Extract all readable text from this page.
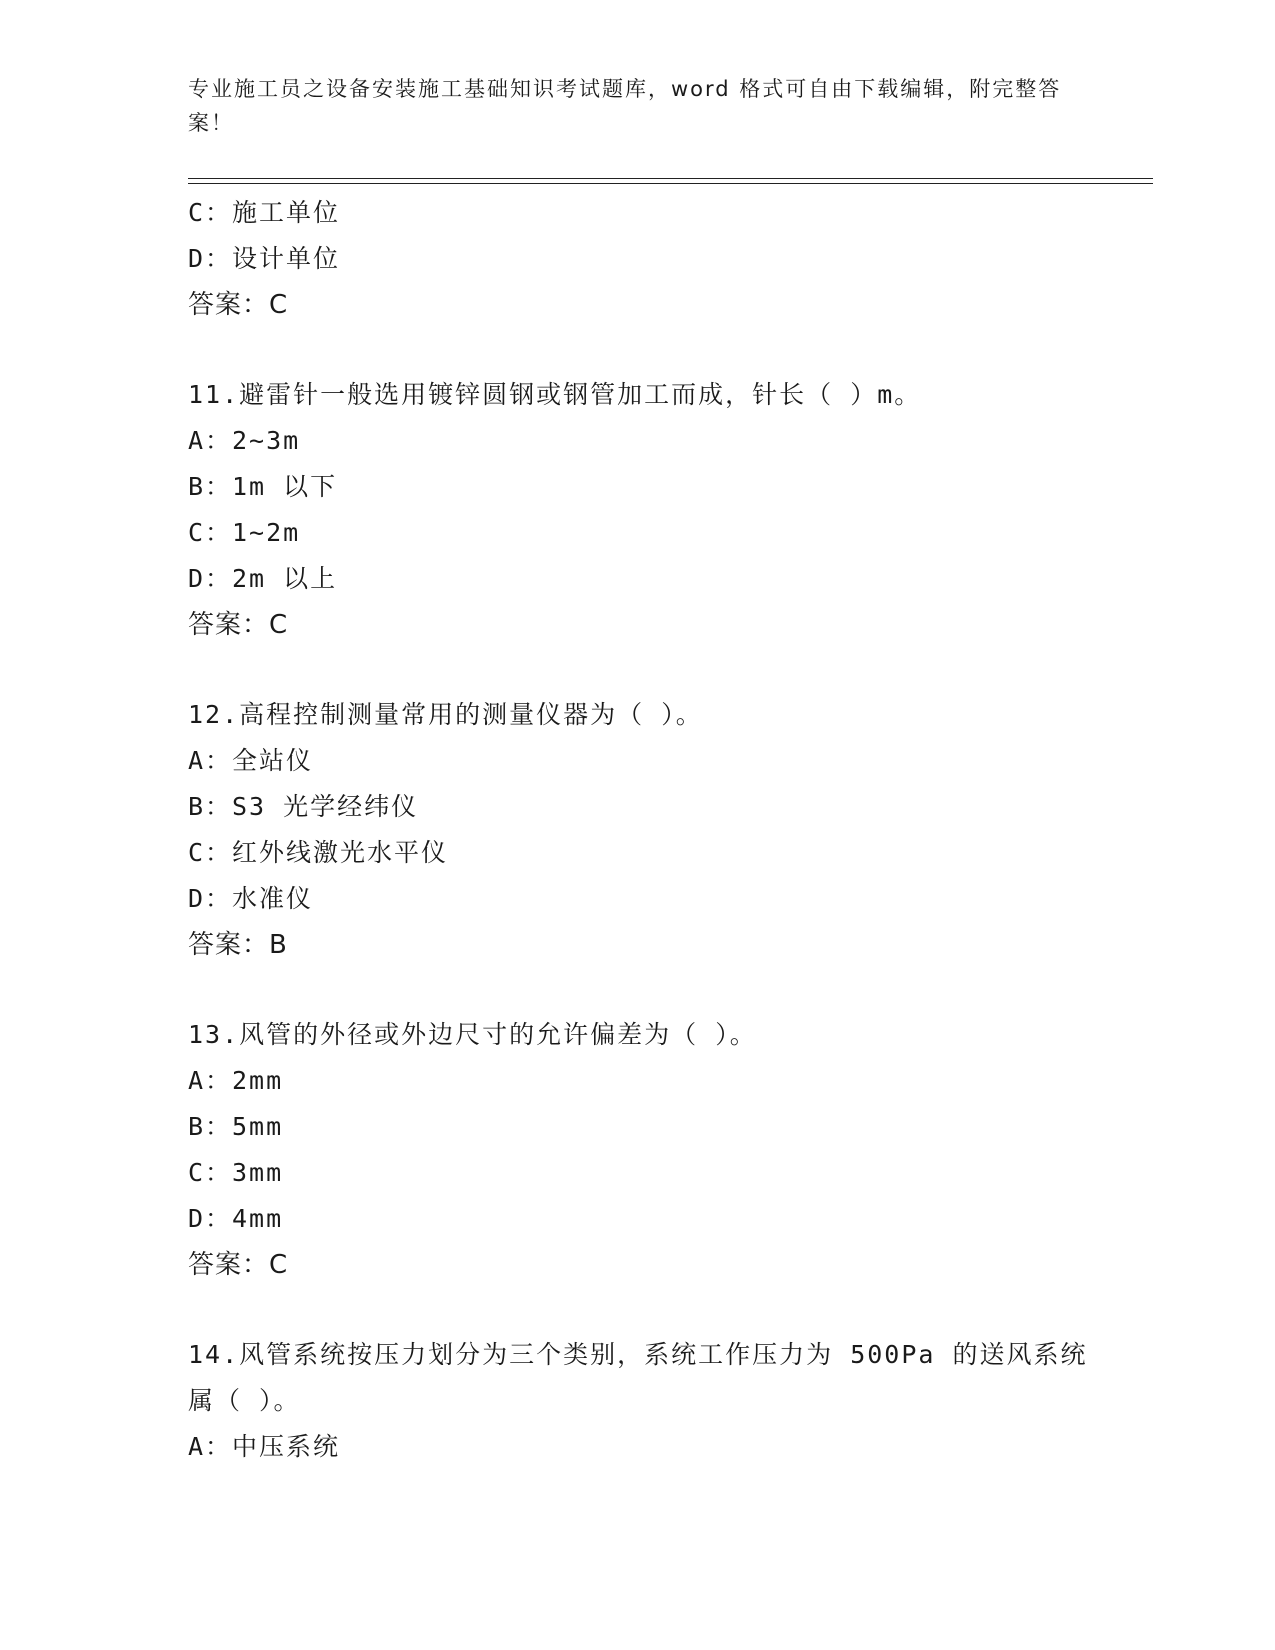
专业施工员之设备安装施工基础知识考试题库，word 格式可自由下载编辑，附完整答案！
C： 施工单位
D： 设计单位
答案：C
11.避雷针一般选用镀锌圆钢或钢管加工而成，针长（ ）m。
A： 2~3m
B： 1m 以下
C： 1~2m
D： 2m 以上
答案：C
12.高程控制测量常用的测量仪器为（ ）。
A： 全站仪
B： S3 光学经纬仪
C： 红外线激光水平仪
D： 水准仪
答案：B
13.风管的外径或外边尺寸的允许偏差为（ ）。
A： 2mm
B： 5mm
C： 3mm
D： 4mm
答案：C
14.风管系统按压力划分为三个类别，系统工作压力为 500Pa 的送风系统属（ ）。
A： 中压系统
